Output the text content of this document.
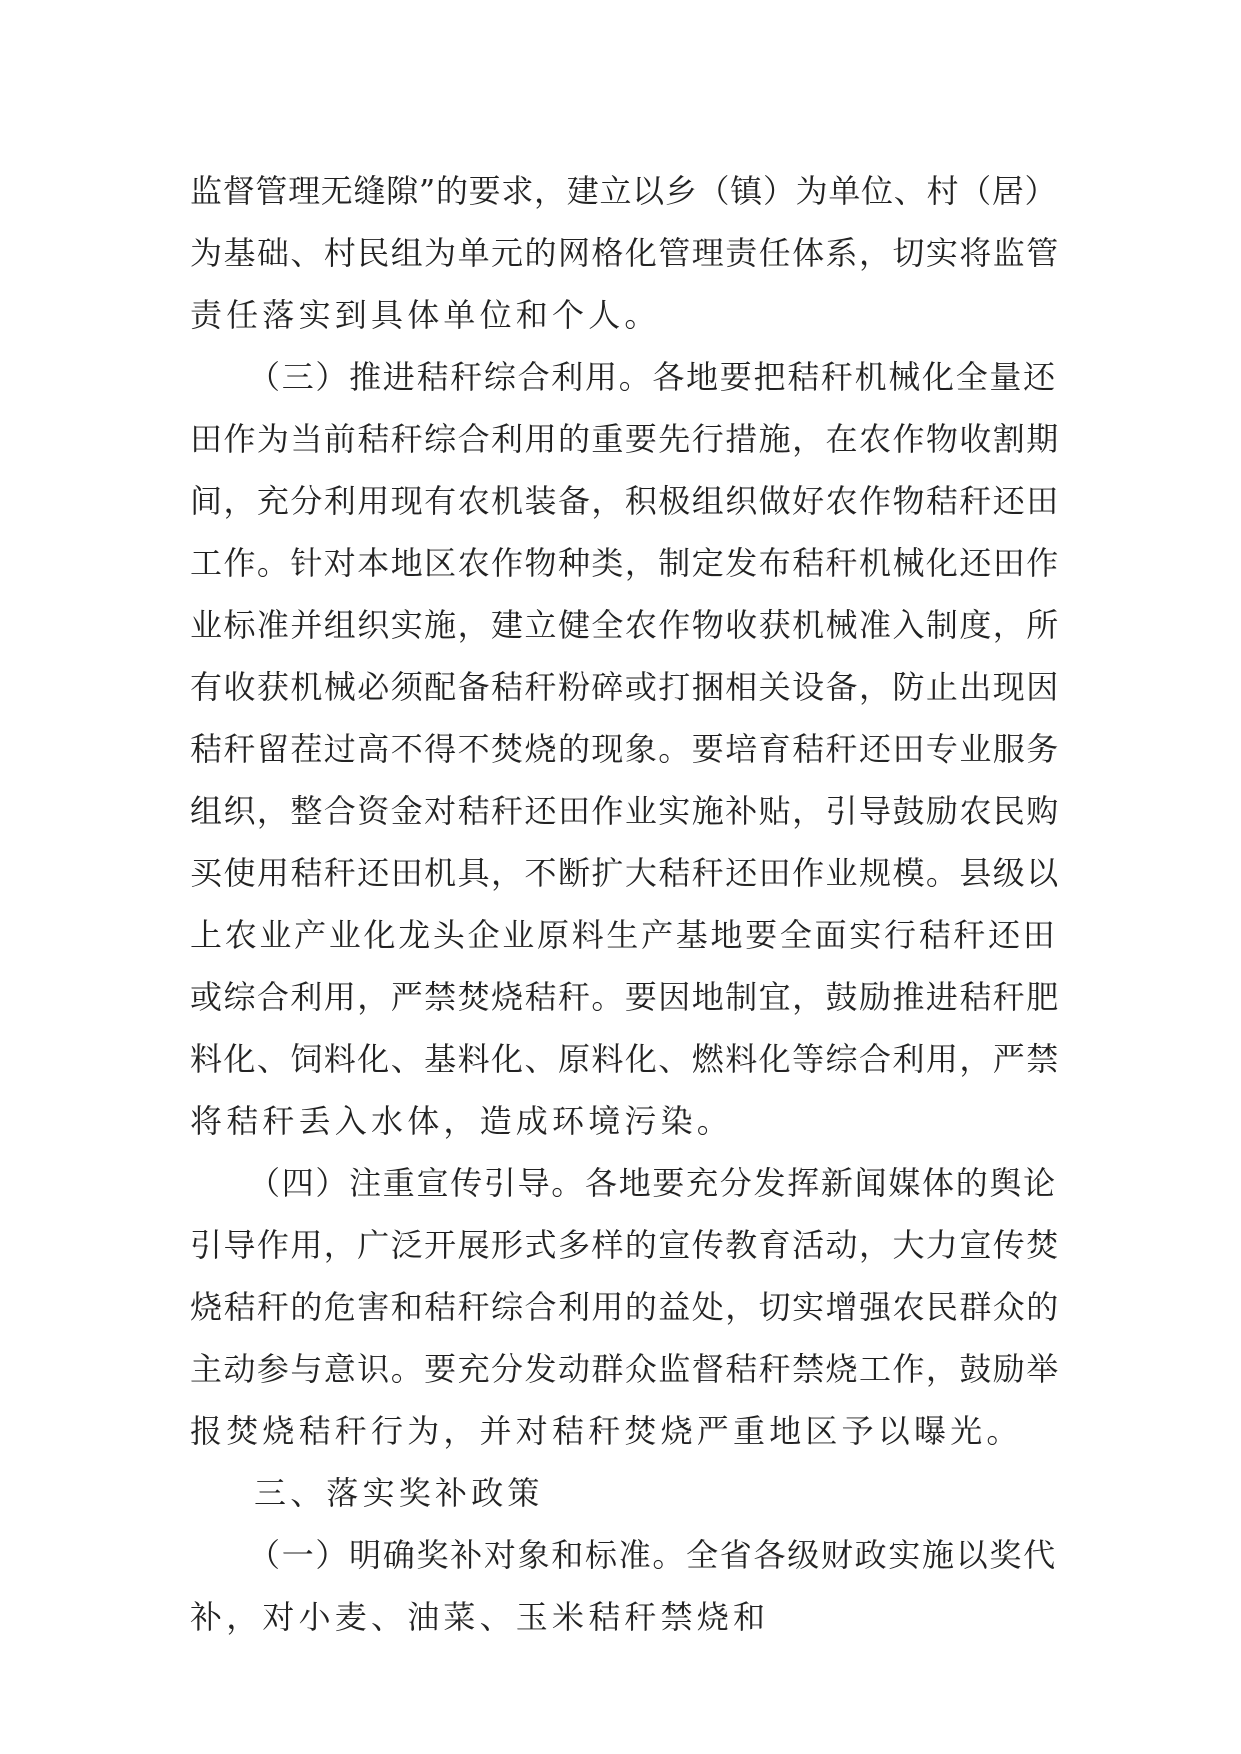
监督管理无缝隙”的要求，建立以乡（镇）为单位、村（居）
为基础、村民组为单元的网格化管理责任体系，切实将监管
责任落实到具体单位和个人。
（三）推进秸秆综合利用。各地要把秸秆机械化全量还
田作为当前秸秆综合利用的重要先行措施，在农作物收割期
间，充分利用现有农机装备，积极组织做好农作物秸秆还田
工作。针对本地区农作物种类，制定发布秸秆机械化还田作
业标准并组织实施，建立健全农作物收获机械准入制度，所
有收获机械必须配备秸秆粉碎或打捆相关设备，防止出现因
秸秆留茬过高不得不焚烧的现象。要培育秸秆还田专业服务
组织，整合资金对秸秆还田作业实施补贴，引导鼓励农民购
买使用秸秆还田机具，不断扩大秸秆还田作业规模。县级以
上农业产业化龙头企业原料生产基地要全面实行秸秆还田
或综合利用，严禁焚烧秸秆。要因地制宜，鼓励推进秸秆肥
料化、饲料化、基料化、原料化、燃料化等综合利用，严禁
将秸秆丢入水体，造成环境污染。
（四）注重宣传引导。各地要充分发挥新闻媒体的舆论
引导作用，广泛开展形式多样的宣传教育活动，大力宣传焚
烧秸秆的危害和秸秆综合利用的益处，切实增强农民群众的
主动参与意识。要充分发动群众监督秸秆禁烧工作，鼓励举
报焚烧秸秆行为，并对秸秆焚烧严重地区予以曝光。
三、落实奖补政策
（一）明确奖补对象和标准。全省各级财政实施以奖代
补，对小麦、油菜、玉米秸秆禁烧和
